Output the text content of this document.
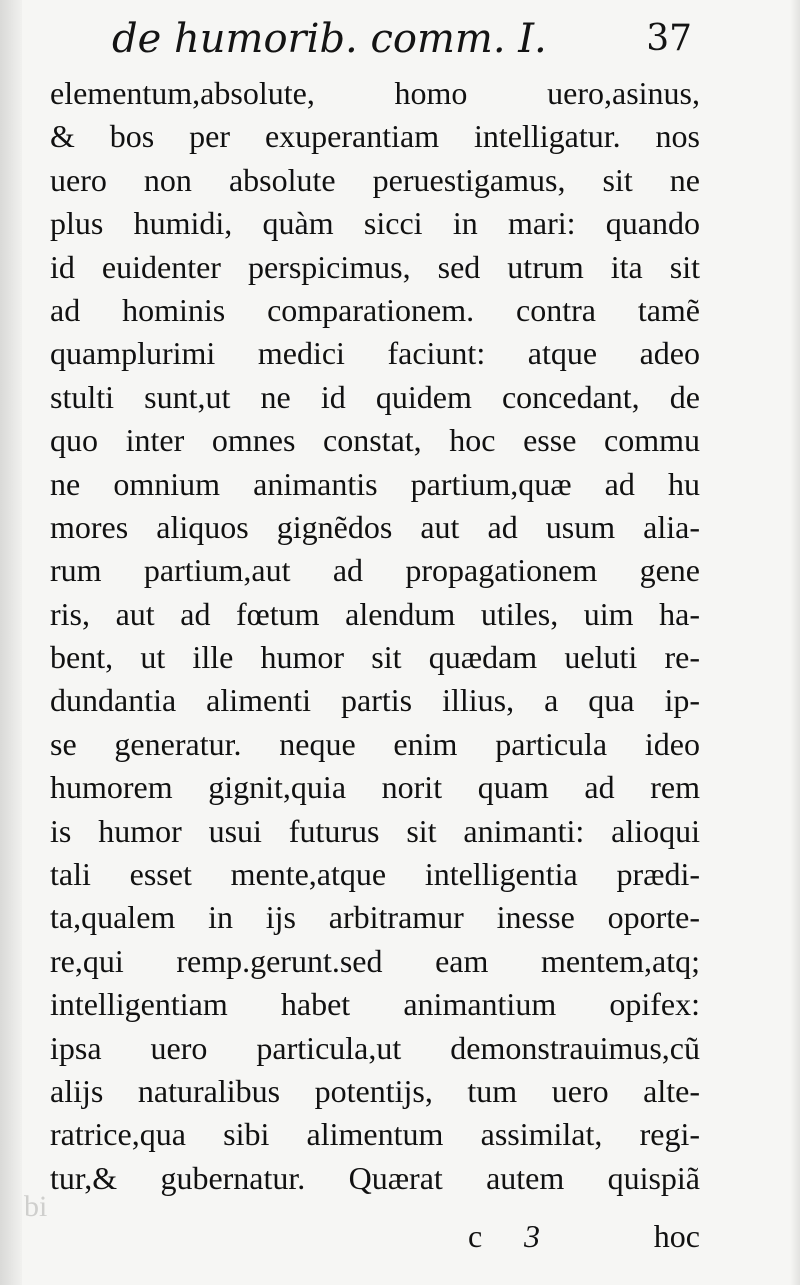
de humorib. comm. I.	37
elementum,absolute, homo uero,asinus,
& bos per exuperantiam intelligatur. nos
uero non absolute peruestigamus, sit ne
plus humidi, quàm sicci in mari: quando
id euidenter perspicimus, sed utrum ita sit
ad hominis comparationem. contra tamẽ
quamplurimi medici faciunt: atque adeo
stulti sunt,ut ne id quidem concedant, de
quo inter omnes constat, hoc esse commu
ne omnium animantis partium,quæ ad hu
mores aliquos gignẽdos aut ad usum alia-
rum partium,aut ad propagationem gene
ris, aut ad fœtum alendum utiles, uim ha-
bent, ut ille humor sit quædam ueluti re-
dundantia alimenti partis illius, a qua ip-
se generatur. neque enim particula ideo
humorem gignit,quia norit quam ad rem
is humor usui futurus sit animanti: alioqui
tali esset mente,atque intelligentia prædi-
ta,qualem in ijs arbitramur inesse oporte-
re,qui remp.gerunt.sed eam mentem,atq;
intelligentiam habet animantium opifex:
ipsa uero particula,ut demonstrauimus,cũ
alijs naturalibus potentijs, tum uero alte-
ratrice,qua sibi alimentum assimilat, regi-
tur,& gubernatur. Quærat autem quispiã
bi
c 3	hoc
